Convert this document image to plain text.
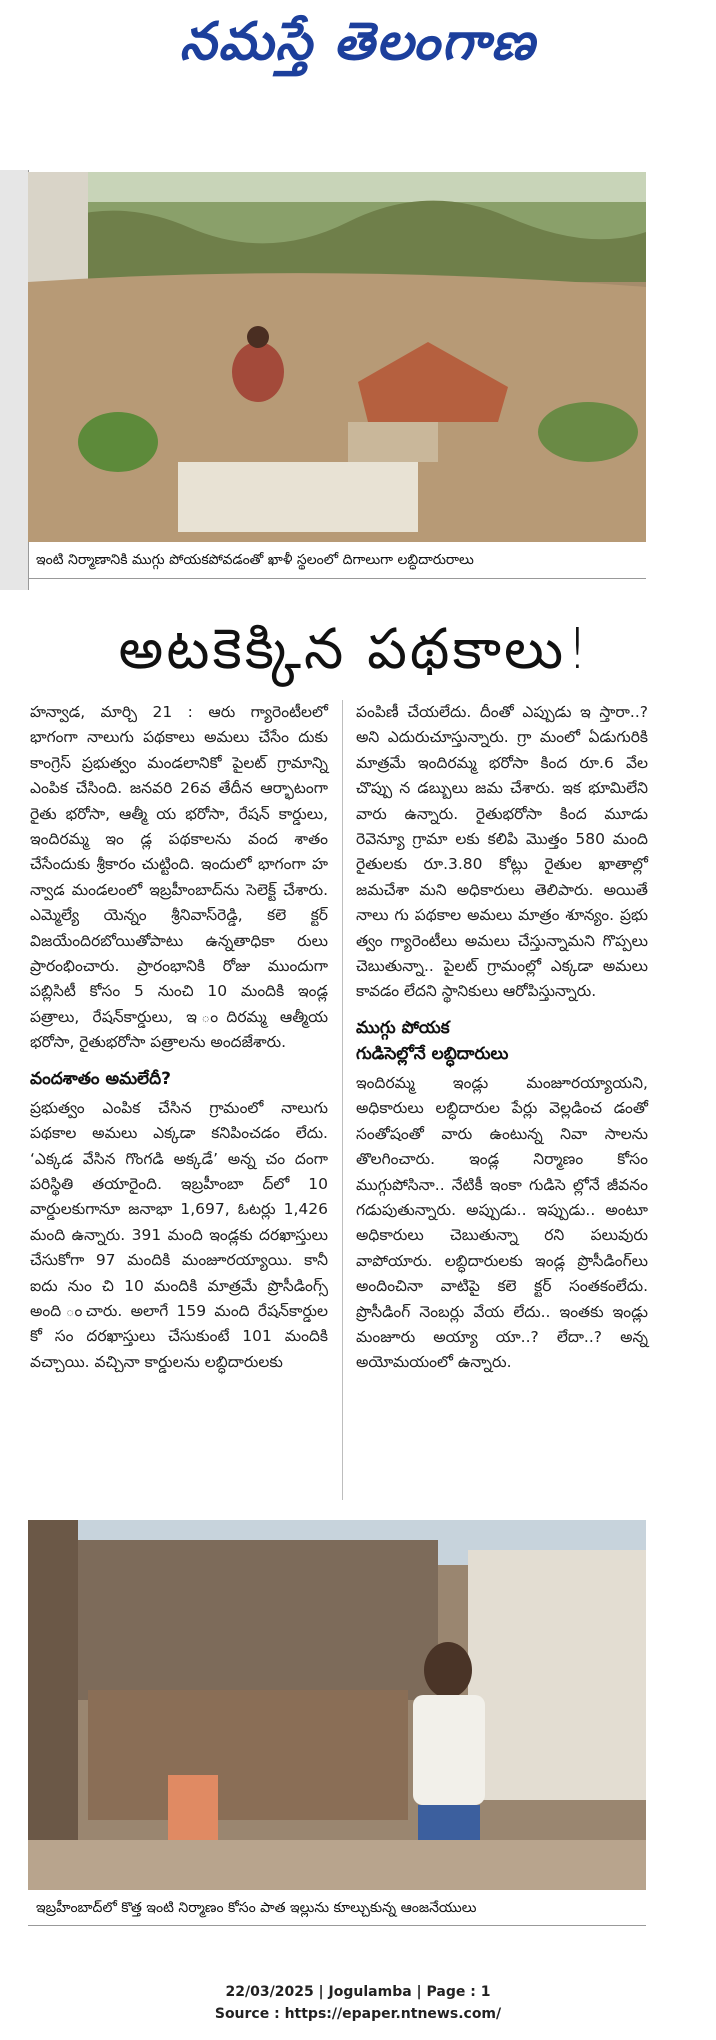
నమస్తే తెలంగాణ
ఇంటి నిర్మాణానికి ముగ్గు పోయకపోవడంతో ఖాళీ స్థలంలో దిగాలుగా లబ్ధిదారురాలు
అటకెక్కిన పథకాలు!

హన్వాడ, మార్చి 21 : ఆరు గ్యారెంటీలలో భాగంగా నాలుగు పథకాలు అమలు చేసేం దుకు కాంగ్రెస్ ప్రభుత్వం మండలానికో పైలట్ గ్రామాన్ని ఎంపిక చేసింది. జనవరి 26వ తేదీన ఆర్భాటంగా రైతు భరోసా, ఆత్మీ య భరోసా, రేషన్ కార్డులు, ఇందిరమ్మ ఇం డ్ల పథకాలను వంద శాతం చేసేందుకు శ్రీకారం చుట్టింది. ఇందులో భాగంగా హ న్వాడ మండలంలో ఇబ్రహీంబాద్‌ను సెలెక్ట్ చేశారు. ఎమ్మెల్యే యెన్నం శ్రీనివాస్‌రెడ్డి, కలె క్టర్ విజయేందిరబోయితోపాటు ఉన్నతాధికా రులు ప్రారంభించారు. ప్రారంభానికి రోజు ముందుగా పబ్లిసిటీ కోసం 5 నుంచి 10 మందికి ఇండ్ల పత్రాలు, రేషన్‌కార్డులు, ఇ ందిరమ్మ ఆత్మీయ భరోసా, రైతుభరోసా పత్రాలను అందజేశారు.

వందశాతం అమలేదీ?

ప్రభుత్వం ఎంపిక చేసిన గ్రామంలో నాలుగు పథకాల అమలు ఎక్కడా కనిపించడం లేదు. ‘ఎక్కడ వేసిన గొంగడి అక్కడే’ అన్న చం దంగా పరిస్థితి తయారైంది. ఇబ్రహీంబా ద్‌లో 10 వార్డులకుగానూ జనాభా 1,697, ఓటర్లు 1,426 మంది ఉన్నారు. 391 మంది ఇండ్లకు దరఖాస్తులు చేసుకోగా 97 మందికి మంజూరయ్యాయి. కానీ ఐదు నుం చి 10 మందికి మాత్రమే ప్రొసీడింగ్స్ అంది ంచారు. అలాగే 159 మంది రేషన్‌కార్డుల కో సం దరఖాస్తులు చేసుకుంటే 101 మందికి వచ్చాయి. వచ్చినా కార్డులను లబ్ధిదారులకు

పంపిణీ చేయలేదు. దీంతో ఎప్పుడు ఇ స్తారా..? అని ఎదురుచూస్తున్నారు. గ్రా మంలో ఏడుగురికి మాత్రమే ఇందిరమ్మ భరోసా కింద రూ.6 వేల చొప్పు న డబ్బులు జమ చేశారు. ఇక భూమిలేని వారు ఉన్నారు. రైతుభరోసా కింద మూడు రెవెన్యూ గ్రామా లకు కలిపి మొత్తం 580 మంది రైతులకు రూ.3.80 కోట్లు రైతుల ఖాతాల్లో జమచేశా మని అధికారులు తెలిపారు. అయితే నాలు గు పథకాల అమలు మాత్రం శూన్యం. ప్రభు త్వం గ్యారెంటీలు అమలు చేస్తున్నామని గొప్పలు చెబుతున్నా.. పైలట్ గ్రామంల్లో ఎక్కడా అమలు కావడం లేదని స్థానికులు ఆరోపిస్తున్నారు.

ముగ్గు పోయక
గుడిసెల్లోనే లబ్ధిదారులు

ఇందిరమ్మ ఇండ్లు మంజూరయ్యాయని, అధికారులు లబ్ధిదారుల పేర్లు వెల్లడించ డంతో సంతోషంతో వారు ఉంటున్న నివా సాలను తొలగించారు. ఇండ్ల నిర్మాణం కోసం ముగ్గుపోసినా.. నేటికీ ఇంకా గుడిసె ల్లోనే జీవనం గడుపుతున్నారు. అప్పుడు.. ఇప్పుడు.. అంటూ అధికారులు చెబుతున్నా రని పలువురు వాపోయారు. లబ్ధిదారులకు ఇండ్ల ప్రొసీడింగ్‌లు అందించినా వాటిపై కలె క్టర్ సంతకంలేదు. ప్రొసీడింగ్ నెంబర్లు వేయ లేదు.. ఇంతకు ఇండ్లు మంజూరు అయ్యా యా..? లేదా..? అన్న అయోమయంలో ఉన్నారు.

ఇబ్రహీంబాద్‌లో కొత్త ఇంటి నిర్మాణం కోసం పాత ఇల్లును కూల్చుకున్న ఆంజనేయులు
22/03/2025 | Jogulamba | Page : 1
Source : https://epaper.ntnews.com/
